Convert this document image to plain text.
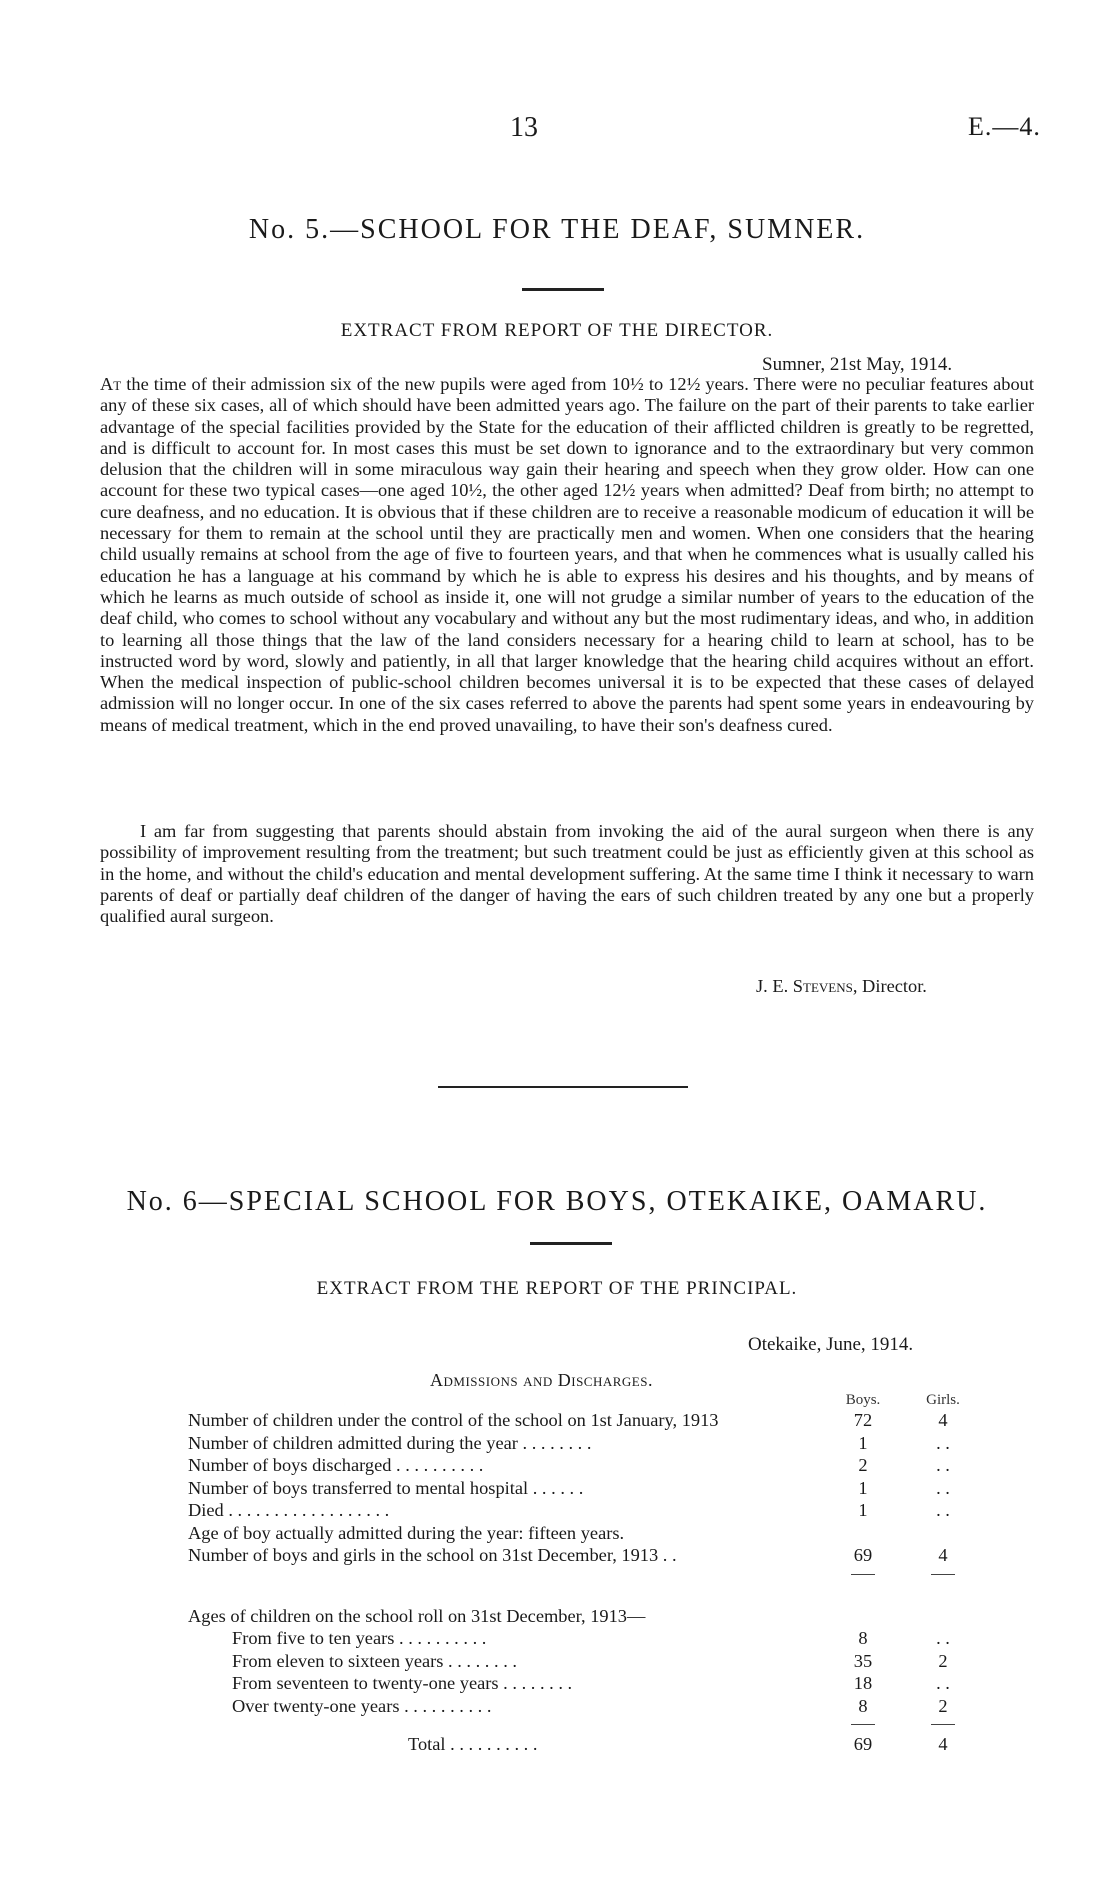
13	E.—4.
No. 5.—SCHOOL FOR THE DEAF, SUMNER.
EXTRACT FROM REPORT OF THE DIRECTOR.
Sumner, 21st May, 1914.

At the time of their admission six of the new pupils were aged from 10½ to 12½ years. There were no peculiar features about any of these six cases, all of which should have been admitted years ago. The failure on the part of their parents to take earlier advantage of the special facilities provided by the State for the education of their afflicted children is greatly to be regretted, and is difficult to account for. In most cases this must be set down to ignorance and to the extraordinary but very common delusion that the children will in some miraculous way gain their hearing and speech when they grow older. How can one account for these two typical cases—one aged 10½, the other aged 12½ years when admitted? Deaf from birth; no attempt to cure deafness, and no education. It is obvious that if these children are to receive a reasonable modicum of education it will be necessary for them to remain at the school until they are practically men and women. When one considers that the hearing child usually remains at school from the age of five to fourteen years, and that when he commences what is usually called his education he has a language at his command by which he is able to express his desires and his thoughts, and by means of which he learns as much outside of school as inside it, one will not grudge a similar number of years to the education of the deaf child, who comes to school without any vocabulary and without any but the most rudimentary ideas, and who, in addition to learning all those things that the law of the land considers necessary for a hearing child to learn at school, has to be instructed word by word, slowly and patiently, in all that larger knowledge that the hearing child acquires without an effort. When the medical inspection of public-school children becomes universal it is to be expected that these cases of delayed admission will no longer occur. In one of the six cases referred to above the parents had spent some years in endeavouring by means of medical treatment, which in the end proved unavailing, to have their son's deafness cured.

I am far from suggesting that parents should abstain from invoking the aid of the aural surgeon when there is any possibility of improvement resulting from the treatment; but such treatment could be just as efficiently given at this school as in the home, and without the child's education and mental development suffering. At the same time I think it necessary to warn parents of deaf or partially deaf children of the danger of having the ears of such children treated by any one but a properly qualified aural surgeon.

J. E. Stevens, Director.
No. 6—SPECIAL SCHOOL FOR BOYS, OTEKAIKE, OAMARU.
EXTRACT FROM THE REPORT OF THE PRINCIPAL.
Otekaike, June, 1914.
Admissions and Discharges.
Boys.	Girls.
Number of children under the control of the school on 1st January, 1913	72	4
Number of children admitted during the year . . . . . . . .	1	. .
Number of boys discharged . . . . . . . . . .	2	. .
Number of boys transferred to mental hospital . . . . . .	1	. .
Died . . . . . . . . . . . . . . . . . .	1	. .
Age of boy actually admitted during the year: fifteen years.
Number of boys and girls in the school on 31st December, 1913 . .	69	4
Ages of children on the school roll on 31st December, 1913—
From five to ten years . . . . . . . . . .	8	. .
From eleven to sixteen years . . . . . . . .	35	2
From seventeen to twenty-one years . . . . . . . .	18	. .
Over twenty-one years . . . . . . . . . .	8	2
Total . . . . . . . . . .	69	4
